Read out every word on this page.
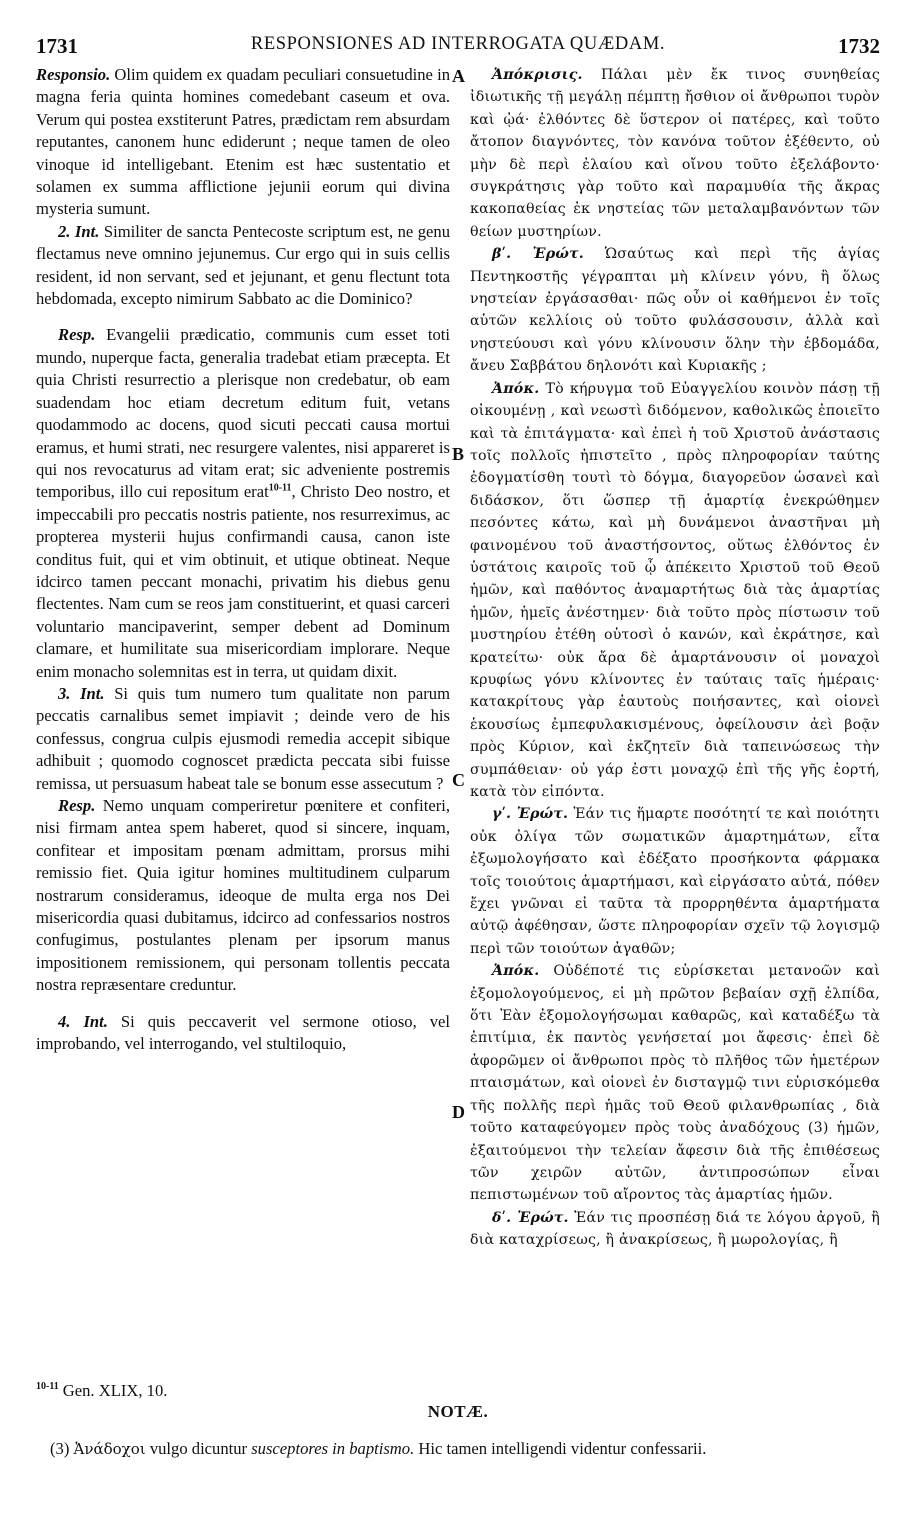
1731	RESPONSIONES AD INTERROGATA QUÆDAM.	1732
A
B
C
D

Responsio. Olim quidem ex quadam peculiari consuetudine in magna feria quinta homines comedebant caseum et ova. Verum qui postea exstiterunt Patres, prædictam rem absurdam reputantes, canonem hunc ediderunt ; neque tamen de oleo vinoque id intelligebant. Etenim est hæc sustentatio et solamen ex summa afflictione jejunii eorum qui divina mysteria sumunt.

2. Int. Similiter de sancta Pentecoste scriptum est, ne genu flectamus neve omnino jejunemus. Cur ergo qui in suis cellis resident, id non servant, sed et jejunant, et genu flectunt tota hebdomada, excepto nimirum Sabbato ac die Dominico?

Resp. Evangelii prædicatio, communis cum esset toti mundo, nuperque facta, generalia tradebat etiam præcepta. Et quia Christi resurrectio a plerisque non credebatur, ob eam suadendam hoc etiam decretum editum fuit, vetans quodammodo ac docens, quod sicuti peccati causa mortui eramus, et humi strati, nec resurgere valentes, nisi appareret is qui nos revocaturus ad vitam erat; sic adveniente postremis temporibus, illo cui repositum erat$^{10-11}$, Christo Deo nostro, et impeccabili pro peccatis nostris patiente, nos resurreximus, ac propterea mysterii hujus confirmandi causa, canon iste conditus fuit, qui et vim obtinuit, et utique obtineat. Neque idcirco tamen peccant monachi, privatim his diebus genu flectentes. Nam cum se reos jam constituerint, et quasi carceri voluntario mancipaverint, semper debent ad Dominum clamare, et humilitate sua misericordiam implorare. Neque enim monacho solemnitas est in terra, ut quidam dixit.

3. Int. Si quis tum numero tum qualitate non parum peccatis carnalibus semet impiavit ; deinde vero de his confessus, congrua culpis ejusmodi remedia accepit sibique adhibuit ; quomodo cognoscet prædicta peccata sibi fuisse remissa, ut persuasum habeat tale se bonum esse assecutum ?

Resp. Nemo unquam comperiretur pœnitere et confiteri, nisi firmam antea spem haberet, quod si sincere, inquam, confitear et impositam pœnam admittam, prorsus mihi remissio fiet. Quia igitur homines multitudinem culparum nostrarum consideramus, ideoque de multa erga nos Dei misericordia quasi dubitamus, idcirco ad confessarios nostros confugimus, postulantes plenam per ipsorum manus impositionem remissionem, qui personam tollentis peccata nostra repræsentare creduntur.

4. Int. Si quis peccaverit vel sermone otioso, vel improbando, vel interrogando, vel stultiloquio,

Ἀπόκρισις. Πάλαι μὲν ἔκ τινος συνηθείας ἰδιωτικῆς τῇ μεγάλῃ πέμπτῃ ἤσθιον οἱ ἄνθρωποι τυρὸν καὶ ᾠά· ἐλθόντες δὲ ὕστερον οἱ πατέρες, καὶ τοῦτο ἄτοπον διαγνόντες, τὸν κανόνα τοῦτον ἐξέθεντο, οὐ μὴν δὲ περὶ ἐλαίου καὶ οἴνου τοῦτο ἐξελάβοντο· συγκράτησις γὰρ τοῦτο καὶ παραμυθία τῆς ἄκρας κακοπαθείας ἐκ νηστείας τῶν μεταλαμβανόντων τῶν θείων μυστηρίων.

βʹ. Ἐρώτ. Ὡσαύτως καὶ περὶ τῆς ἁγίας Πεντηκοστῆς γέγραπται μὴ κλίνειν γόνυ, ἢ ὅλως νηστείαν ἐργάσασθαι· πῶς οὖν οἱ καθήμενοι ἐν τοῖς αὑτῶν κελλίοις οὐ τοῦτο φυλάσσουσιν, ἀλλὰ καὶ νηστεύουσι καὶ γόνυ κλίνουσιν ὅλην τὴν ἑβδομάδα, ἄνευ Σαββάτου δηλονότι καὶ Κυριακῆς ;

Ἀπόκ. Τὸ κήρυγμα τοῦ Εὐαγγελίου κοινὸν πάσῃ τῇ οἰκουμένῃ , καὶ νεωστὶ διδόμενον, καθολικῶς ἐποιεῖτο καὶ τὰ ἐπιτάγματα· καὶ ἐπεὶ ἡ τοῦ Χριστοῦ ἀνάστασις τοῖς πολλοῖς ἠπιστεῖτο , πρὸς πληροφορίαν ταύτης ἐδογματίσθη τουτὶ τὸ δόγμα, διαγορεῦον ὡσανεὶ καὶ διδάσκον, ὅτι ὥσπερ τῇ ἁμαρτίᾳ ἐνεκρώθημεν πεσόντες κάτω, καὶ μὴ δυνάμενοι ἀναστῆναι μὴ φαινομένου τοῦ ἀναστήσοντος, οὕτως ἐλθόντος ἐν ὑστάτοις καιροῖς τοῦ ᾧ ἀπέκειτο Χριστοῦ τοῦ Θεοῦ ἡμῶν, καὶ παθόντος ἀναμαρτήτως διὰ τὰς ἁμαρτίας ἡμῶν, ἡμεῖς ἀνέστημεν· διὰ τοῦτο πρὸς πίστωσιν τοῦ μυστηρίου ἐτέθη οὑτοσὶ ὁ κανών, καὶ ἐκράτησε, καὶ κρατείτω· οὐκ ἄρα δὲ ἁμαρτάνουσιν οἱ μοναχοὶ κρυφίως γόνυ κλίνοντες ἐν ταύταις ταῖς ἡμέραις· κατακρίτους γὰρ ἑαυτοὺς ποιήσαντες, καὶ οἱονεὶ ἑκουσίως ἐμπεφυλακισμένους, ὀφείλουσιν ἀεὶ βοᾷν πρὸς Κύριον, καὶ ἐκζητεῖν διὰ ταπεινώσεως τὴν συμπάθειαν· οὐ γάρ ἐστι μοναχῷ ἐπὶ τῆς γῆς ἑορτή, κατὰ τὸν εἰπόντα.

γʹ. Ἐρώτ. Ἐάν τις ἥμαρτε ποσότητί τε καὶ ποιότητι οὐκ ὀλίγα τῶν σωματικῶν ἁμαρτημάτων, εἶτα ἐξωμολογήσατο καὶ ἐδέξατο προσήκοντα φάρμακα τοῖς τοιούτοις ἁμαρτήμασι, καὶ εἰργάσατο αὐτά, πόθεν ἔχει γνῶναι εἰ ταῦτα τὰ προρρηθέντα ἁμαρτήματα αὐτῷ ἀφέθησαν, ὥστε πληροφορίαν σχεῖν τῷ λογισμῷ περὶ τῶν τοιούτων ἀγαθῶν;

Ἀπόκ. Οὐδέποτέ τις εὑρίσκεται μετανοῶν καὶ ἐξομολογούμενος, εἰ μὴ πρῶτον βεβαίαν σχῇ ἐλπίδα, ὅτι Ἐὰν ἐξομολογήσωμαι καθαρῶς, καὶ καταδέξω τὰ ἐπιτίμια, ἐκ παντὸς γενήσεταί μοι ἄφεσις· ἐπεὶ δὲ ἀφορῶμεν οἱ ἄνθρωποι πρὸς τὸ πλῆθος τῶν ἡμετέρων πταισμάτων, καὶ οἱονεὶ ἐν δισταγμῷ τινι εὑρισκόμεθα τῆς πολλῆς περὶ ἡμᾶς τοῦ Θεοῦ φιλανθρωπίας , διὰ τοῦτο καταφεύγομεν πρὸς τοὺς ἀναδόχους (3) ἡμῶν, ἐξαιτούμενοι τὴν τελείαν ἄφεσιν διὰ τῆς ἐπιθέσεως τῶν χειρῶν αὐτῶν, ἀντιπροσώπων εἶναι πεπιστωμένων τοῦ αἴροντος τὰς ἁμαρτίας ἡμῶν.

δʹ. Ἐρώτ. Ἐάν τις προσπέσῃ διά τε λόγου ἀργοῦ, ἢ διὰ καταχρίσεως, ἢ ἀνακρίσεως, ἢ μωρολογίας, ἢ

$^{10-11}$ Gen. XLIX, 10.
NOTÆ.
(3) Ἀνάδοχοι vulgo dicuntur susceptores in baptismo. Hic tamen intelligendi videntur confessarii.
